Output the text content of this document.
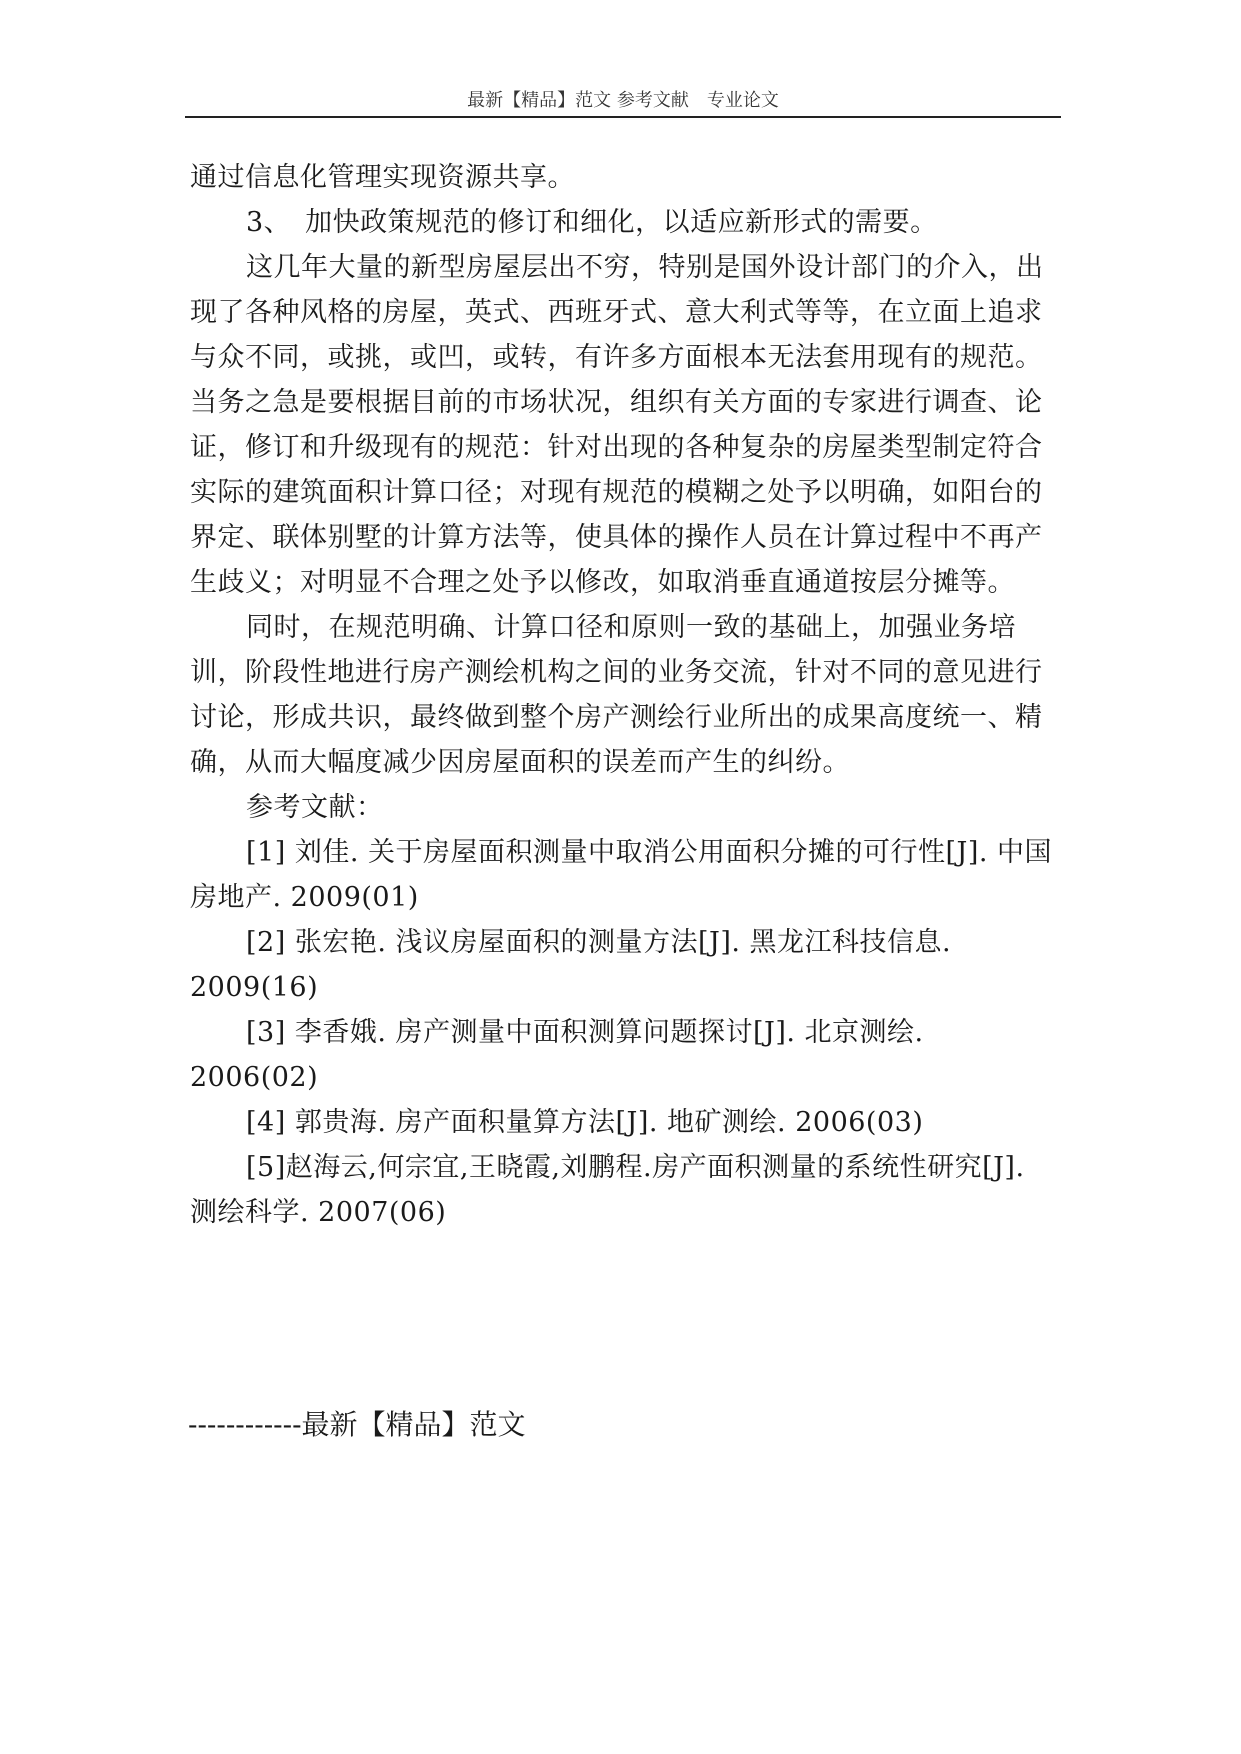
最新【精品】范文 参考文献　专业论文

通过信息化管理实现资源共享。

3、　加快政策规范的修订和细化，以适应新形式的需要。

这几年大量的新型房屋层出不穷，特别是国外设计部门的介入，出现了各种风格的房屋，英式、西班牙式、意大利式等等，在立面上追求与众不同，或挑，或凹，或转，有许多方面根本无法套用现有的规范。当务之急是要根据目前的市场状况，组织有关方面的专家进行调查、论证，修订和升级现有的规范：针对出现的各种复杂的房屋类型制定符合实际的建筑面积计算口径；对现有规范的模糊之处予以明确，如阳台的界定、联体别墅的计算方法等，使具体的操作人员在计算过程中不再产生歧义；对明显不合理之处予以修改，如取消垂直通道按层分摊等。

同时，在规范明确、计算口径和原则一致的基础上，加强业务培训，阶段性地进行房产测绘机构之间的业务交流，针对不同的意见进行讨论，形成共识，最终做到整个房产测绘行业所出的成果高度统一、精确，从而大幅度减少因房屋面积的误差而产生的纠纷。

参考文献：

[1] 刘佳. 关于房屋面积测量中取消公用面积分摊的可行性[J]. 中国房地产. 2009(01)

[2] 张宏艳. 浅议房屋面积的测量方法[J]. 黑龙江科技信息. 2009(16)

[3] 李香娥. 房产测量中面积测算问题探讨[J]. 北京测绘. 2006(02)

[4] 郭贵海. 房产面积量算方法[J]. 地矿测绘. 2006(03)

[5]赵海云,何宗宜,王晓霞,刘鹏程.房产面积测量的系统性研究[J]. 测绘科学. 2007(06)

------------最新【精品】范文
